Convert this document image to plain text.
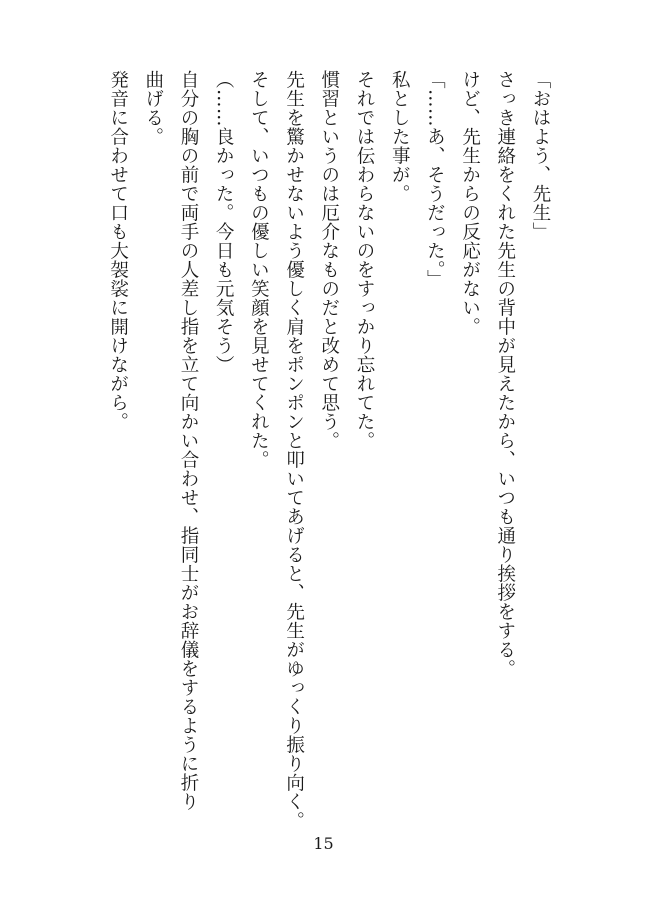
「おはよう、先生」
さっき連絡をくれた先生の背中が見えたから、いつも通り挨拶をする。
けど、先生からの反応がない。
「……あ、そうだった。」
私とした事が。
それでは伝わらないのをすっかり忘れてた。
慣習というのは厄介なものだと改めて思う。
先生を驚かせないよう優しく肩をポンポンと叩いてあげると、先生がゆっくり振り向く。
そして、いつもの優しい笑顔を見せてくれた。
（……良かった。今日も元気そう）
自分の胸の前で両手の人差し指を立て向かい合わせ、指同士がお辞儀をするように折り
曲げる。
発音に合わせて口も大袈裟に開けながら。
15
